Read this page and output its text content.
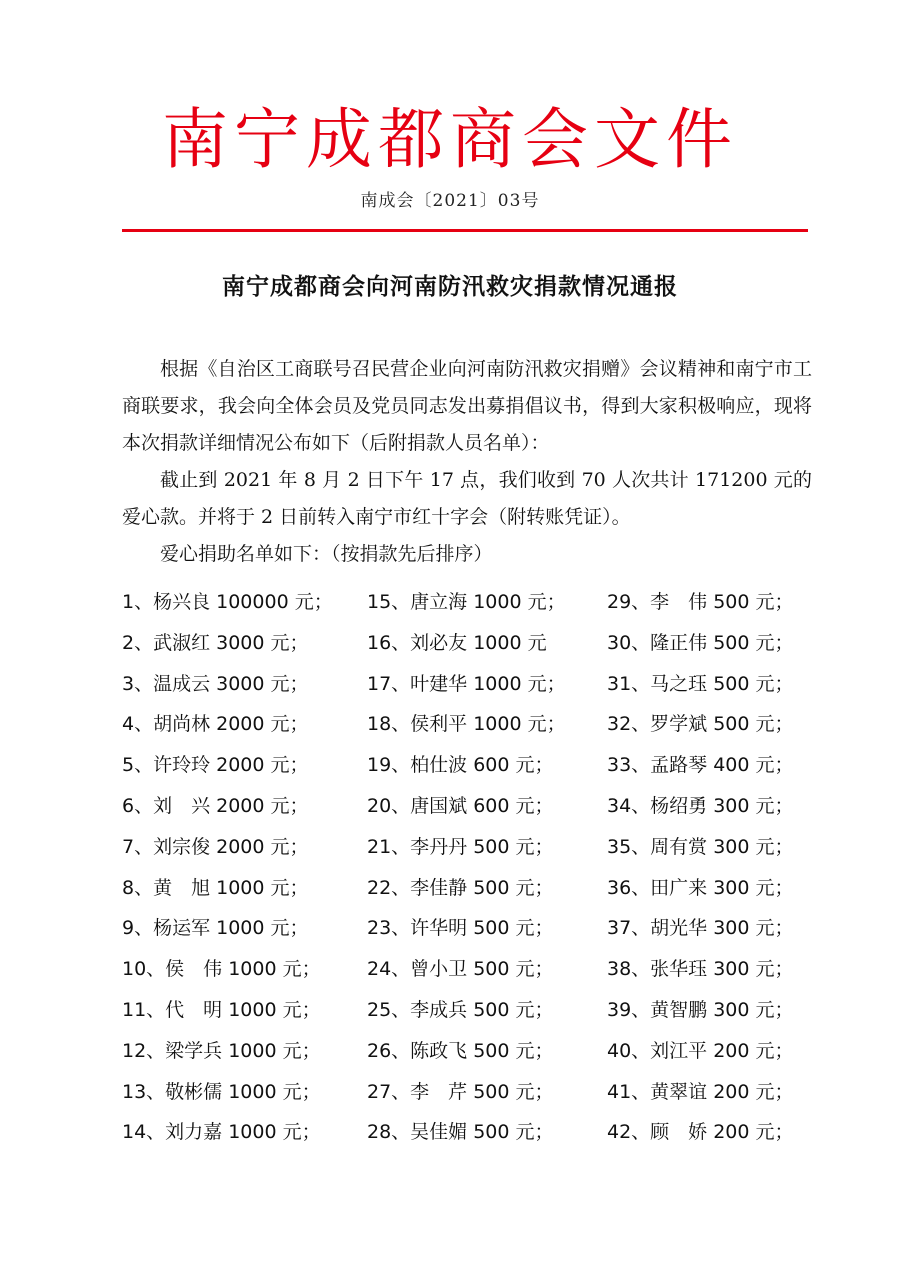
南宁成都商会文件
南成会〔2021〕03号
南宁成都商会向河南防汛救灾捐款情况通报
根据《自治区工商联号召民营企业向河南防汛救灾捐赠》会议精神和南宁市工商联要求，我会向全体会员及党员同志发出募捐倡议书，得到大家积极响应，现将本次捐款详细情况公布如下（后附捐款人员名单）：
截止到 2021 年 8 月 2 日下午 17 点，我们收到 70 人次共计 171200 元的爱心款。并将于 2 日前转入南宁市红十字会（附转账凭证）。
爱心捐助名单如下：（按捐款先后排序）
1、杨兴良 100000 元；
2、武淑红 3000 元；
3、温成云 3000 元；
4、胡尚林 2000 元；
5、许玲玲 2000 元；
6、刘　兴 2000 元；
7、刘宗俊 2000 元；
8、黄　旭 1000 元；
9、杨运军 1000 元；
10、侯　伟 1000 元；
11、代　明 1000 元；
12、梁学兵 1000 元；
13、敬彬儒 1000 元；
14、刘力嘉 1000 元；
15、唐立海 1000 元；
16、刘必友 1000 元
17、叶建华 1000 元；
18、侯利平 1000 元；
19、柏仕波 600 元；
20、唐国斌 600 元；
21、李丹丹 500 元；
22、李佳静 500 元；
23、许华明 500 元；
24、曾小卫 500 元；
25、李成兵 500 元；
26、陈政飞 500 元；
27、李　芹 500 元；
28、吴佳媚 500 元；
29、李　伟 500 元；
30、隆正伟 500 元；
31、马之珏 500 元；
32、罗学斌 500 元；
33、孟路琴 400 元；
34、杨绍勇 300 元；
35、周有赏 300 元；
36、田广来 300 元；
37、胡光华 300 元；
38、张华珏 300 元；
39、黄智鹏 300 元；
40、刘江平 200 元；
41、黄翠谊 200 元；
42、顾　娇 200 元；
